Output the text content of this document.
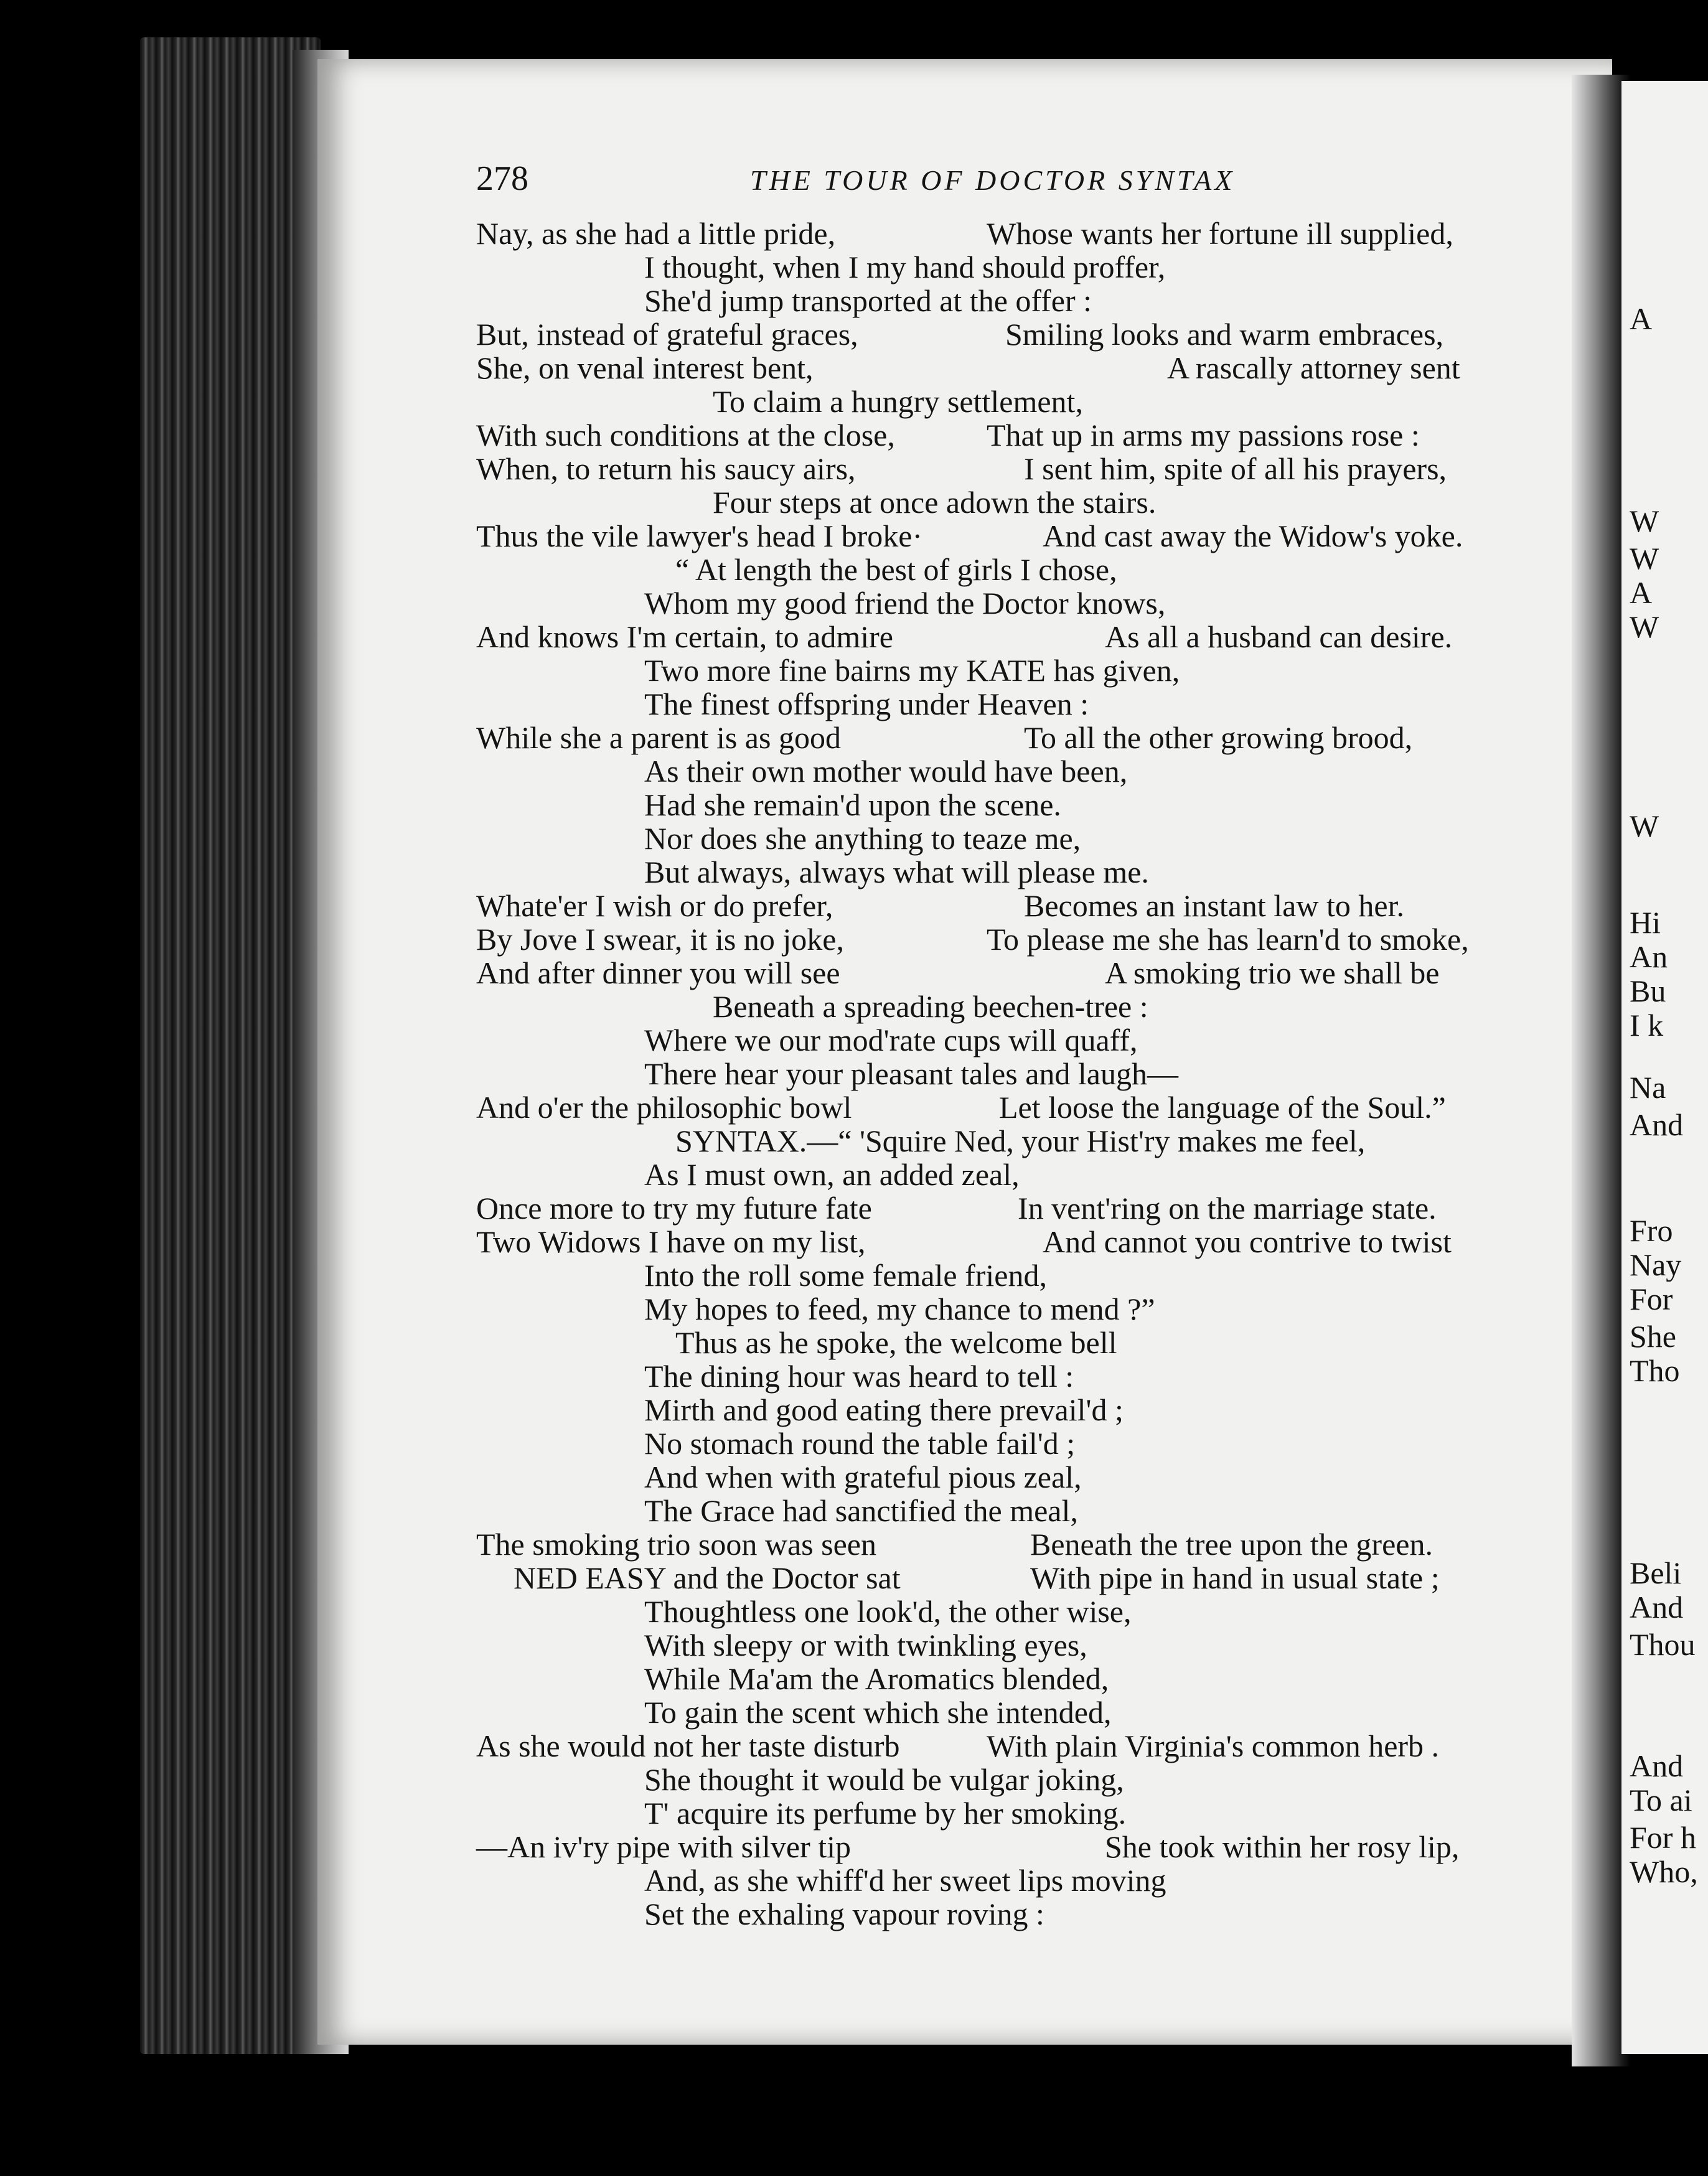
278	THE TOUR OF DOCTOR SYNTAX
Nay, as she had a little pride,	Whose wants her fortune ill supplied,
I thought, when I my hand should proffer,
She'd jump transported at the offer :
But, instead of grateful graces,	Smiling looks and warm embraces,
She, on venal interest bent,	A rascally attorney sent
To claim a hungry settlement,
With such conditions at the close,	That up in arms my passions rose :
When, to return his saucy airs,	I sent him, spite of all his prayers,
Four steps at once adown the stairs.
Thus the vile lawyer's head I broke·	And cast away the Widow's yoke.
“ At length the best of girls I chose,
Whom my good friend the Doctor knows,
And knows I'm certain, to admire	As all a husband can desire.
Two more fine bairns my KATE has given,
The finest offspring under Heaven :
While she a parent is as good	To all the other growing brood,
As their own mother would have been,
Had she remain'd upon the scene.
Nor does she anything to teaze me,
But always, always what will please me.
Whate'er I wish or do prefer,	Becomes an instant law to her.
By Jove I swear, it is no joke,	To please me she has learn'd to smoke,
And after dinner you will see	A smoking trio we shall be
Beneath a spreading beechen-tree :
Where we our mod'rate cups will quaff,
There hear your pleasant tales and laugh—
And o'er the philosophic bowl	Let loose the language of the Soul.”
SYNTAX.—“ 'Squire Ned, your Hist'ry makes me feel,
As I must own, an added zeal,
Once more to try my future fate	In vent'ring on the marriage state.
Two Widows I have on my list,	And cannot you contrive to twist
Into the roll some female friend,
My hopes to feed, my chance to mend ?”
Thus as he spoke, the welcome bell
The dining hour was heard to tell :
Mirth and good eating there prevail'd ;
No stomach round the table fail'd ;
And when with grateful pious zeal,
The Grace had sanctified the meal,
The smoking trio soon was seen	Beneath the tree upon the green.
NED EASY and the Doctor sat	With pipe in hand in usual state ;
Thoughtless one look'd, the other wise,
With sleepy or with twinkling eyes,
While Ma'am the Aromatics blended,
To gain the scent which she intended,
As she would not her taste disturb	With plain Virginia's common herb .
She thought it would be vulgar joking,
T' acquire its perfume by her smoking.
—An iv'ry pipe with silver tip	She took within her rosy lip,
And, as she whiff'd her sweet lips moving
Set the exhaling vapour roving :
A
W
W
A
W
W
Hi
An
Bu
I k
Na
And
Fro
Nay
For
She
Tho
Beli
And
Thou
And
To ai
For h
Who,
